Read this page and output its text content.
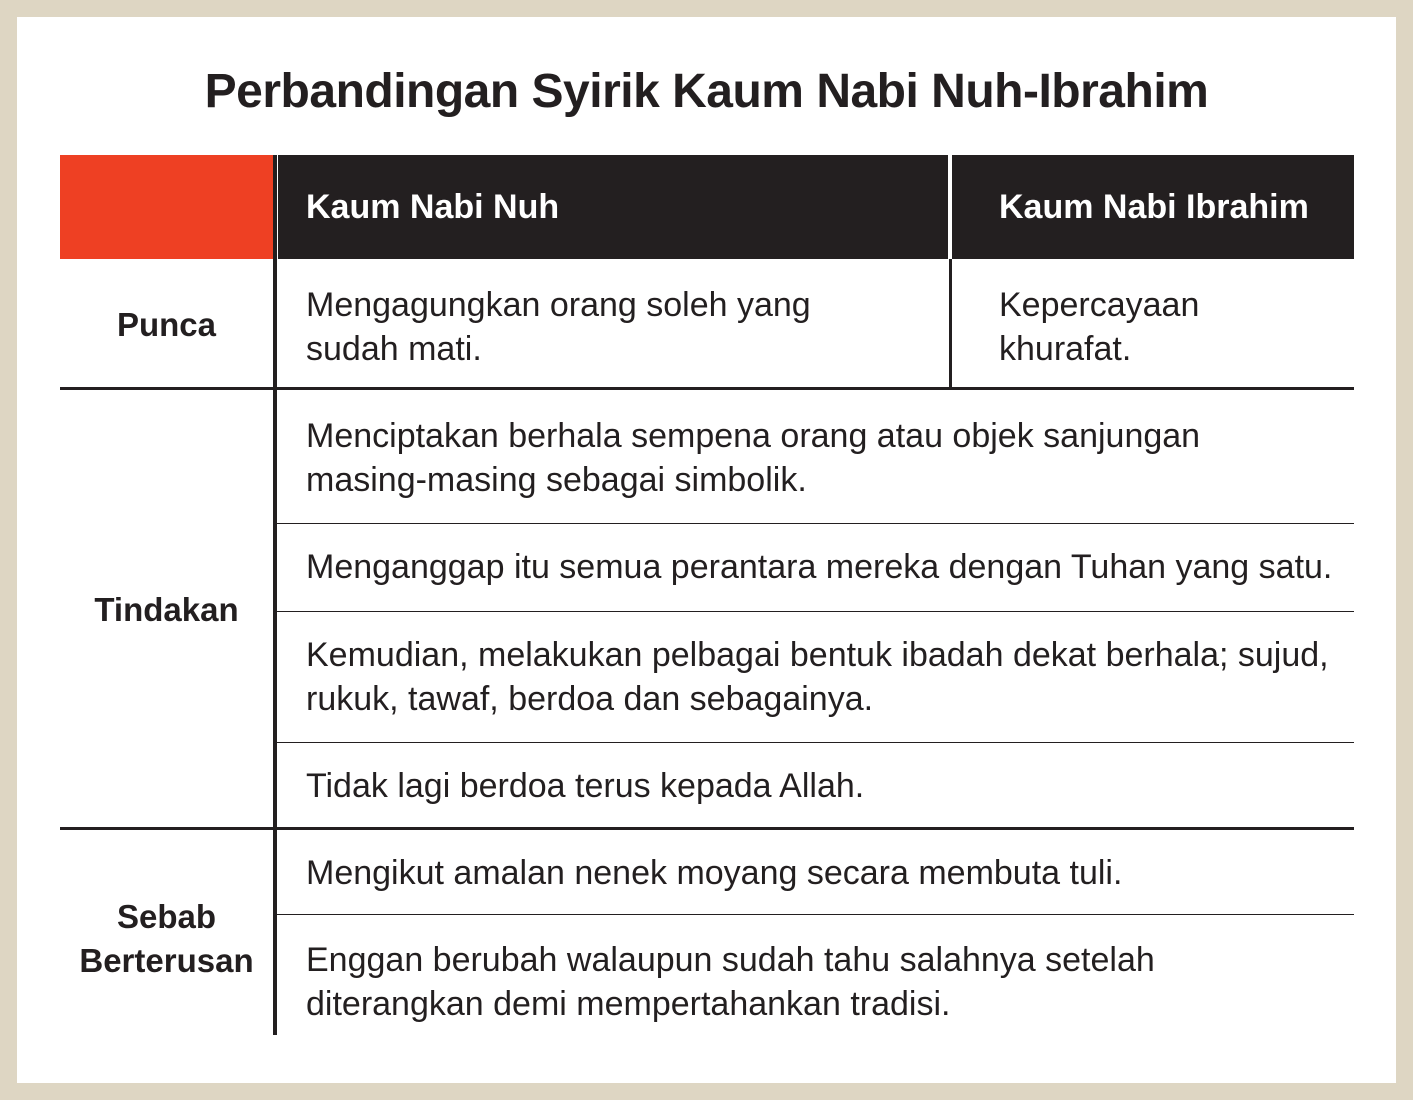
Perbandingan Syirik Kaum Nabi Nuh-Ibrahim
Kaum Nabi Nuh	Kaum Nabi Ibrahim
Punca
Mengagungkan orang soleh yang
sudah mati.
Kepercayaan
khurafat.
Tindakan
Menciptakan berhala sempena orang atau objek sanjungan
masing-masing sebagai simbolik.
Menganggap itu semua perantara mereka dengan Tuhan yang satu.
Kemudian, melakukan pelbagai bentuk ibadah dekat berhala; sujud,
rukuk, tawaf, berdoa dan sebagainya.
Tidak lagi berdoa terus kepada Allah.
Sebab
Berterusan
Mengikut amalan nenek moyang secara membuta tuli.
Enggan berubah walaupun sudah tahu salahnya setelah
diterangkan demi mempertahankan tradisi.
